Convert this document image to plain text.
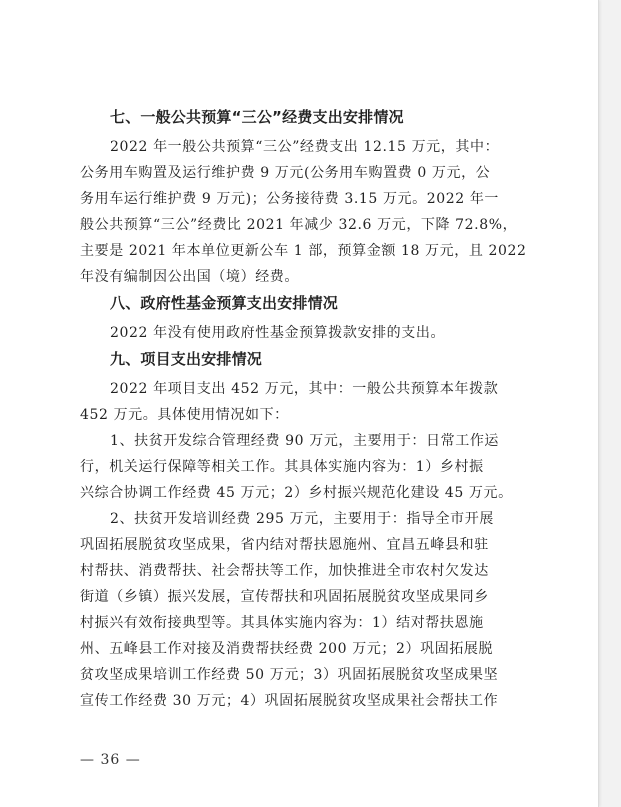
七、一般公共预算“三公”经费支出安排情况

2022 年一般公共预算“三公”经费支出 12.15 万元，其中：
公务用车购置及运行维护费 9 万元(公务用车购置费 0 万元，公
务用车运行维护费 9 万元)；公务接待费 3.15 万元。2022 年一
般公共预算“三公”经费比 2021 年减少 32.6 万元，下降 72.8%，
主要是 2021 年本单位更新公车 1 部，预算金额 18 万元，且 2022
年没有编制因公出国（境）经费。

八、政府性基金预算支出安排情况

2022 年没有使用政府性基金预算拨款安排的支出。

九、项目支出安排情况

2022 年项目支出 452 万元，其中：一般公共预算本年拨款
452 万元。具体使用情况如下：

1、扶贫开发综合管理经费 90 万元，主要用于：日常工作运
行，机关运行保障等相关工作。其具体实施内容为：1）乡村振
兴综合协调工作经费 45 万元；2）乡村振兴规范化建设 45 万元。

2、扶贫开发培训经费 295 万元，主要用于：指导全市开展
巩固拓展脱贫攻坚成果，省内结对帮扶恩施州、宜昌五峰县和驻
村帮扶、消费帮扶、社会帮扶等工作，加快推进全市农村欠发达
街道（乡镇）振兴发展，宣传帮扶和巩固拓展脱贫攻坚成果同乡
村振兴有效衔接典型等。其具体实施内容为：1）结对帮扶恩施
州、五峰县工作对接及消费帮扶经费 200 万元；2）巩固拓展脱
贫攻坚成果培训工作经费 50 万元；3）巩固拓展脱贫攻坚成果坚
宣传工作经费 30 万元；4）巩固拓展脱贫攻坚成果社会帮扶工作

— 36 —
